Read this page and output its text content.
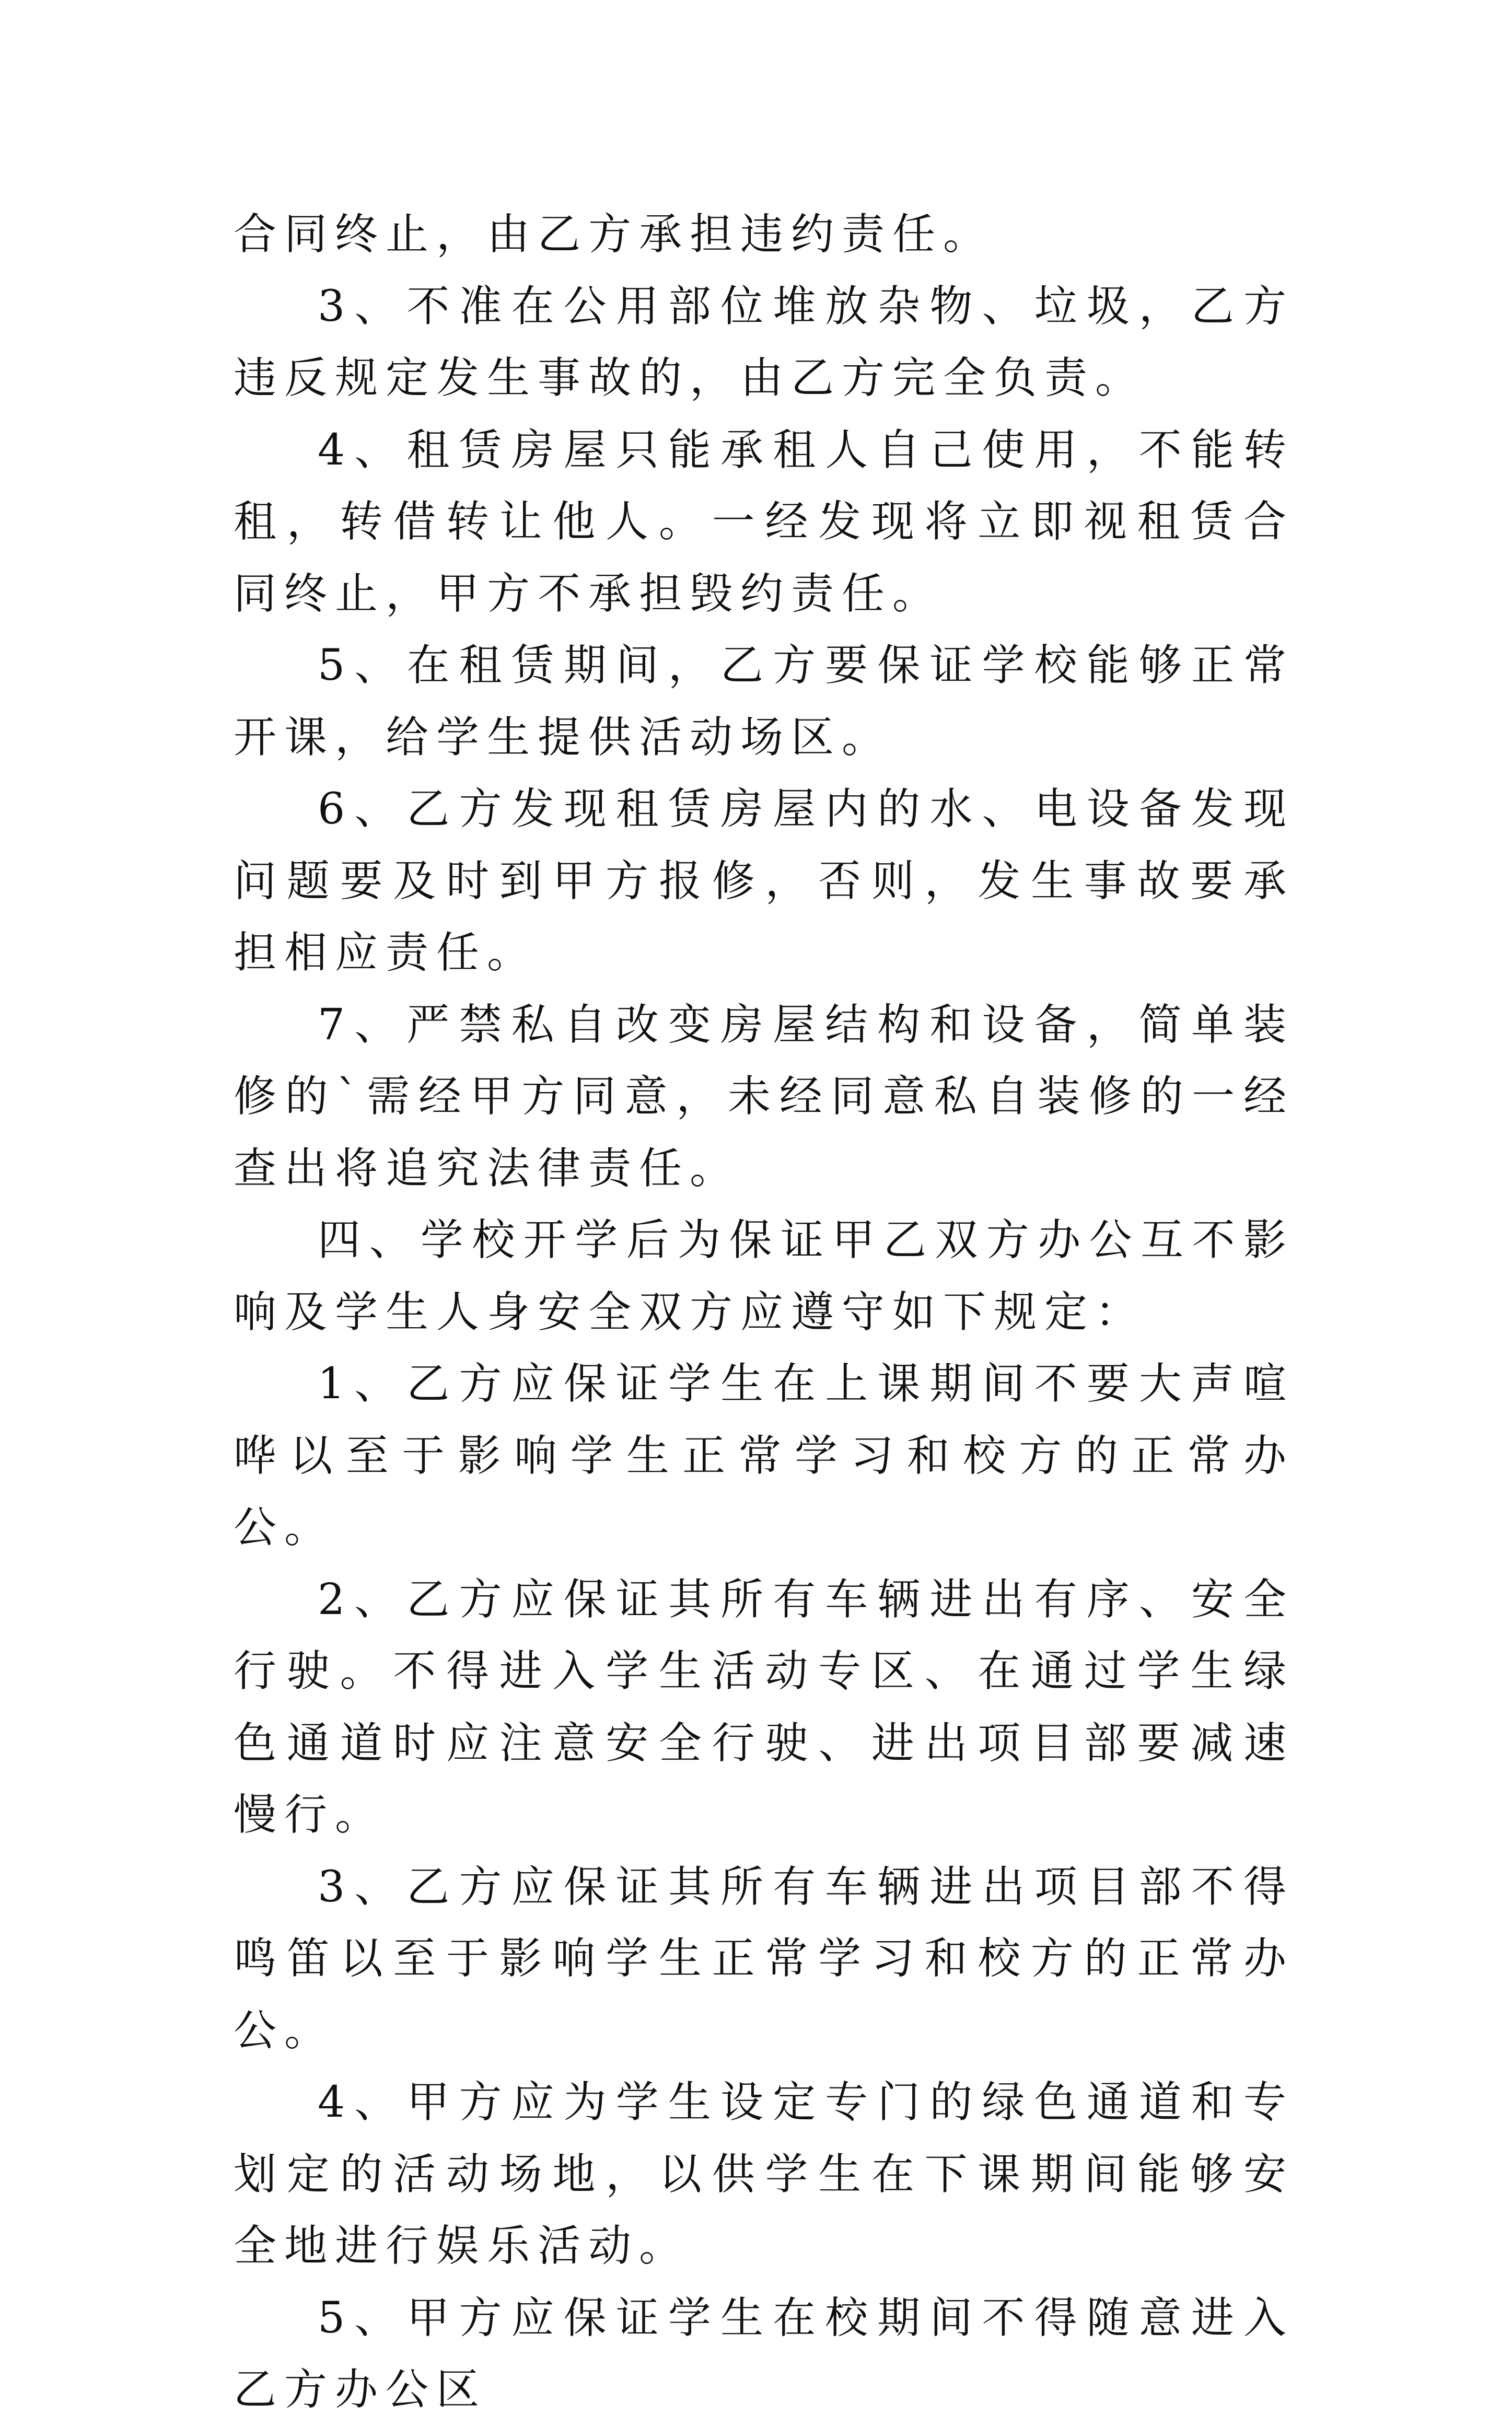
合同终止，由乙方承担违约责任。

3、不准在公用部位堆放杂物、垃圾，乙方违反规定发生事故的，由乙方完全负责。

4、租赁房屋只能承租人自己使用，不能转租，转借转让他人。一经发现将立即视租赁合同终止，甲方不承担毁约责任。

5、在租赁期间，乙方要保证学校能够正常开课，给学生提供活动场区。

6、乙方发现租赁房屋内的水、电设备发现问题要及时到甲方报修，否则，发生事故要承担相应责任。

7、严禁私自改变房屋结构和设备，简单装修的`需经甲方同意，未经同意私自装修的一经查出将追究法律责任。

四、学校开学后为保证甲乙双方办公互不影响及学生人身安全双方应遵守如下规定：

1、乙方应保证学生在上课期间不要大声喧哗以至于影响学生正常学习和校方的正常办公。

2、乙方应保证其所有车辆进出有序、安全行驶。不得进入学生活动专区、在通过学生绿色通道时应注意安全行驶、进出项目部要减速慢行。

3、乙方应保证其所有车辆进出项目部不得鸣笛以至于影响学生正常学习和校方的正常办公。

4、甲方应为学生设定专门的绿色通道和专划定的活动场地，以供学生在下课期间能够安全地进行娱乐活动。

5、甲方应保证学生在校期间不得随意进入乙方办公区
